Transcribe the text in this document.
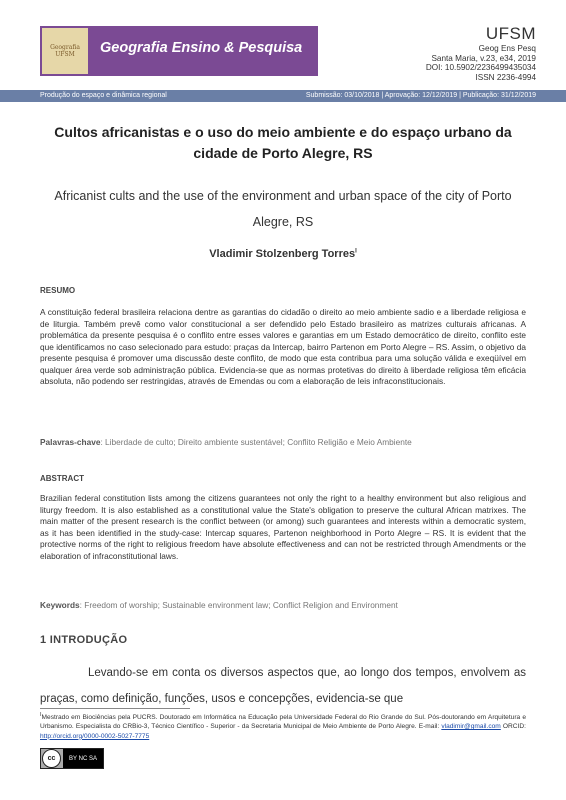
Geografia UFSM	Geografia Ensino & Pesquisa
UFSM
Geog Ens Pesq
Santa Maria, v.23, e34, 2019
DOI: 10.5902/2236499435034
ISSN 2236-4994
Produção do espaço e dinâmica regional	Submissão: 03/10/2018 | Aprovação: 12/12/2019 | Publicação: 31/12/2019
Cultos africanistas e o uso do meio ambiente e do espaço urbano da cidade de Porto Alegre, RS
Africanist cults and the use of the environment and urban space of the city of Porto Alegre, RS
Vladimir Stolzenberg Torres$^I$
RESUMO
A constituição federal brasileira relaciona dentre as garantias do cidadão o direito ao meio ambiente sadio e a liberdade religiosa e de liturgia. Também prevê como valor constitucional a ser defendido pelo Estado brasileiro as matrizes culturais africanas. A problemática da presente pesquisa é o conflito entre esses valores e garantias em um Estado democrático de direito, conflito este que identificamos no caso selecionado para estudo: praças da Intercap, bairro Partenon em Porto Alegre – RS. Assim, o objetivo da presente pesquisa é promover uma discussão deste conflito, de modo que esta contribua para uma solução válida e exeqüível em qualquer área verde sob administração pública. Evidencia-se que as normas protetivas do direito à liberdade religiosa têm eficácia absoluta, não podendo ser restringidas, através de Emendas ou com a elaboração de leis infraconstitucionais.
Palavras-chave: Liberdade de culto; Direito ambiente sustentável; Conflito Religião e Meio Ambiente
ABSTRACT
Brazilian federal constitution lists among the citizens guarantees not only the right to a healthy environment but also religious and liturgy freedom. It is also established as a constitutional value the State's obligation to preserve the cultural African matrixes. The main matter of the present research is the conflict between (or among) such guarantees and interests within a democratic system, as it has been identified in the study-case: Intercap squares, Partenon neighborhood in Porto Alegre – RS. It is evident that the protective norms of the right to religious freedom have absolute effectiveness and can not be restricted through Amendments or the elaboration of infraconstitutional laws.
Keywords: Freedom of worship; Sustainable environment law; Conflict Religion and Environment
1 INTRODUÇÃO
Levando-se em conta os diversos aspectos que, ao longo dos tempos, envolvem as praças, como definição, funções, usos e concepções, evidencia-se que
$^I$Mestrado em Biociências pela PUCRS. Doutorado em Informática na Educação pela Universidade Federal do Rio Grande do Sul. Pós-doutorando em Arquitetura e Urbanismo. Especialista do CRBio-3, Técnico Científico - Superior - da Secretaria Municipal de Meio Ambiente de Porto Alegre. E-mail: vladimir@gmail.com ORCID: http://orcid.org/0000-0002-5027-7775
cc	BY NC SA
